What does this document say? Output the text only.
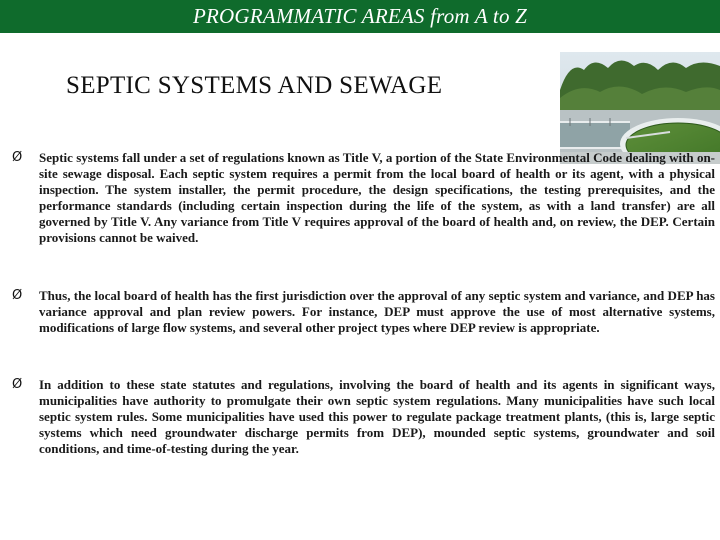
PROGRAMMATIC AREAS from A to Z
SEPTIC SYSTEMS AND SEWAGE
Ø Septic systems fall under a set of regulations known as Title V, a portion of the State Environmental Code dealing with on-site sewage disposal. Each septic system requires a permit from the local board of health or its agent, with a physical inspection. The system installer, the permit procedure, the design specifications, the testing prerequisites, and the performance standards (including certain inspection during the life of the system, as with a land transfer) are all governed by Title V. Any variance from Title V requires approval of the board of health and, on review, the DEP. Certain provisions cannot be waived.
Ø Thus, the local board of health has the first jurisdiction over the approval of any septic system and variance, and DEP has variance approval and plan review powers. For instance, DEP must approve the use of most alternative systems, modifications of large flow systems, and several other project types where DEP review is appropriate.
Ø In addition to these state statutes and regulations, involving the board of health and its agents in significant ways, municipalities have authority to promulgate their own septic system regulations. Many municipalities have such local septic system rules. Some municipalities have used this power to regulate package treatment plants, (this is, large septic systems which need groundwater discharge permits from DEP), mounded septic systems, groundwater and soil conditions, and time-of-testing during the year.
